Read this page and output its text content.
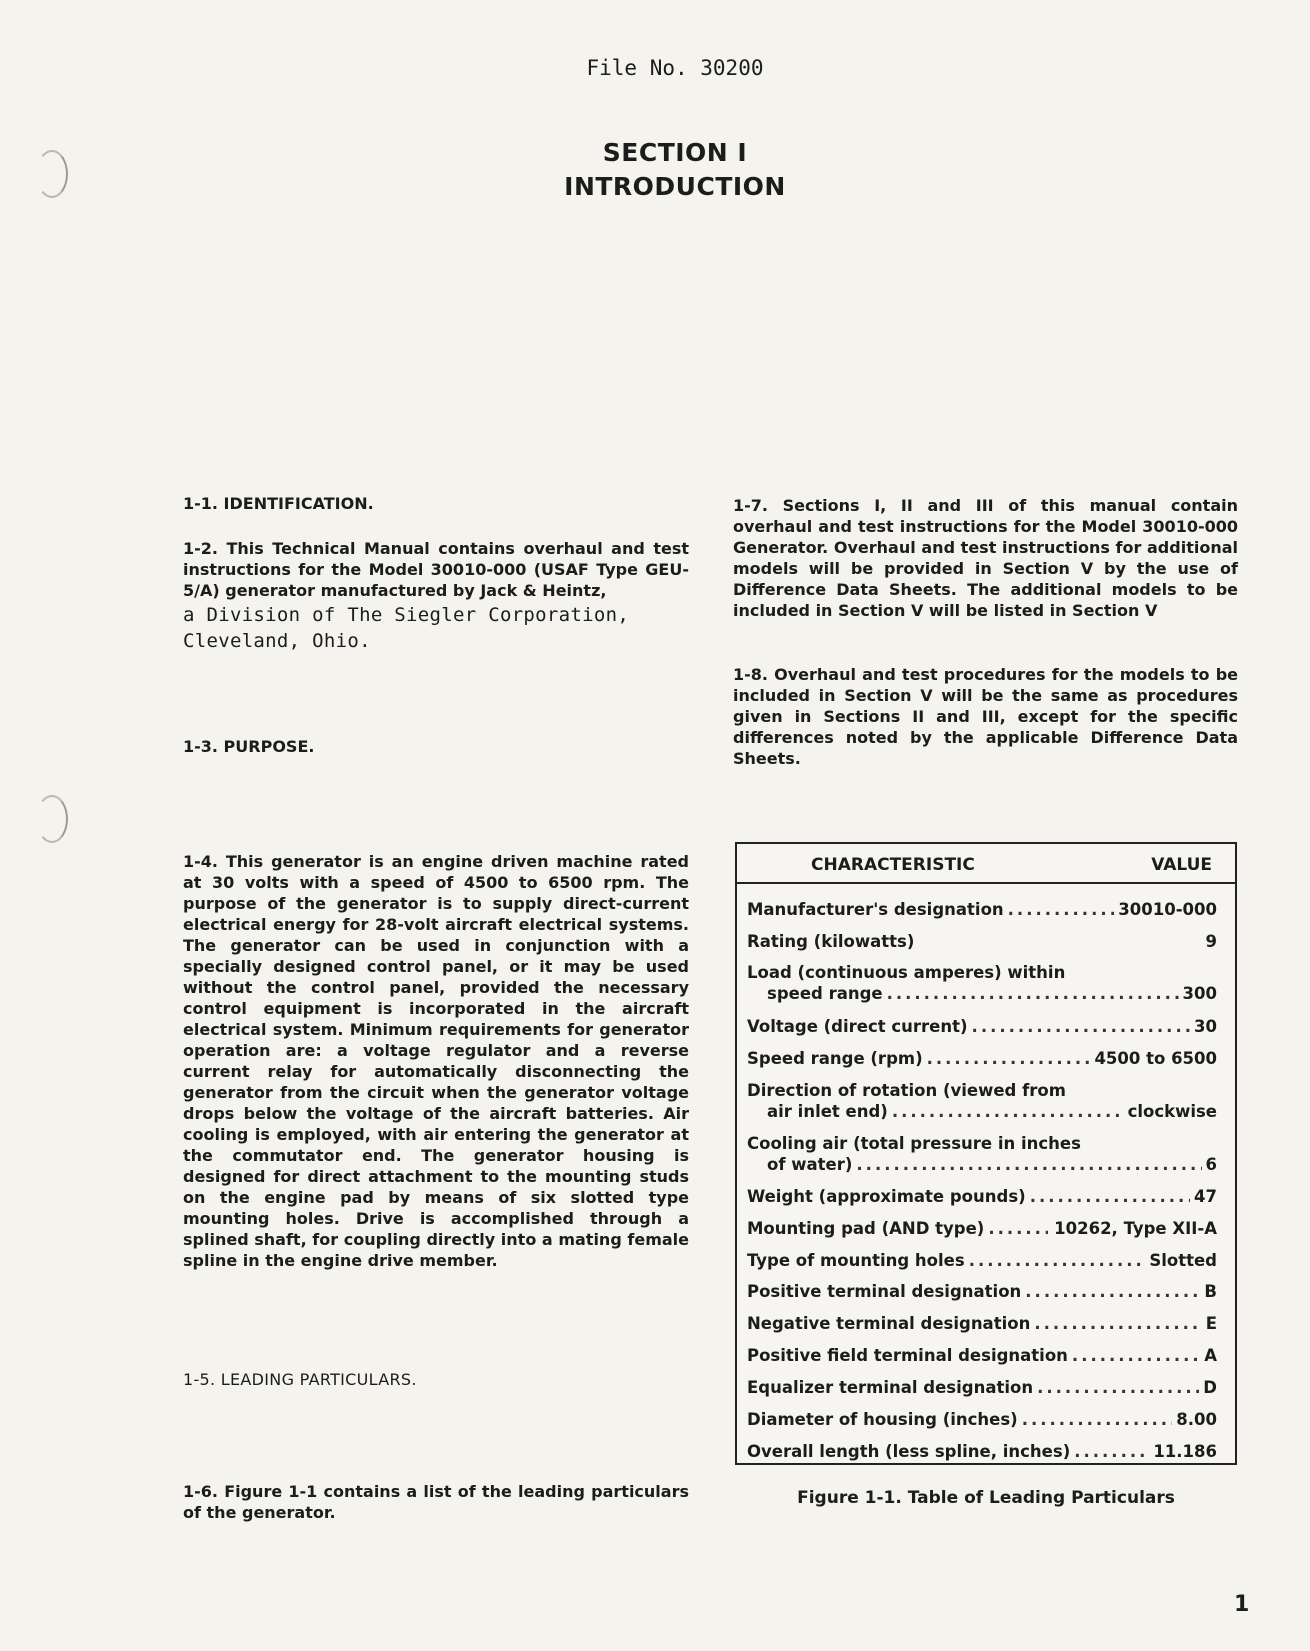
File No. 30200
SECTION I
INTRODUCTION
1-1. IDENTIFICATION.

1-2. This Technical Manual contains overhaul and test instructions for the Model 30010-000 (USAF Type GEU-5/A) generator manufactured by Jack & Heintz,

a Division of The Siegler Corporation, Cleveland, Ohio.

1-3. PURPOSE.

1-4. This generator is an engine driven machine rated at 30 volts with a speed of 4500 to 6500 rpm. The purpose of the generator is to supply direct-current electrical energy for 28-volt aircraft electrical systems. The generator can be used in conjunction with a specially designed control panel, or it may be used without the control panel, provided the necessary control equipment is incorporated in the aircraft electrical system. Minimum requirements for generator operation are: a voltage regulator and a reverse current relay for automatically disconnecting the generator from the circuit when the generator voltage drops below the voltage of the aircraft batteries. Air cooling is employed, with air entering the generator at the commutator end. The generator housing is designed for direct attachment to the mounting studs on the engine pad by means of six slotted type mounting holes. Drive is accomplished through a splined shaft, for coupling directly into a mating female spline in the engine drive member.

1-5. LEADING PARTICULARS.

1-6. Figure 1-1 contains a list of the leading particulars of the generator.

1-7. Sections I, II and III of this manual contain overhaul and test instructions for the Model 30010-000 Generator. Overhaul and test instructions for additional models will be provided in Section V by the use of Difference Data Sheets. The additional models to be included in Section V will be listed in Section V

1-8. Overhaul and test procedures for the models to be included in Section V will be the same as procedures given in Sections II and III, except for the specific differences noted by the applicable Difference Data Sheets.

CHARACTERISTIC	VALUE
Manufacturer's designation .....	30010-000
Rating (kilowatts)	9
Load (continuous amperes) within
speed range .....	300
Voltage (direct current) .....	30
Speed range (rpm) .....	4500 to 6500
Direction of rotation (viewed from
air inlet end) .....	clockwise
Cooling air (total pressure in inches
of water) .....	6
Weight (approximate pounds) .....	47
Mounting pad (AND type) .....	10262, Type XII-A
Type of mounting holes .....	Slotted
Positive terminal designation .....	B
Negative terminal designation .....	E
Positive field terminal designation .....	A
Equalizer terminal designation .....	D
Diameter of housing (inches) .....	8.00
Overall length (less spline, inches) .....	11.186
Figure 1-1. Table of Leading Particulars
1
